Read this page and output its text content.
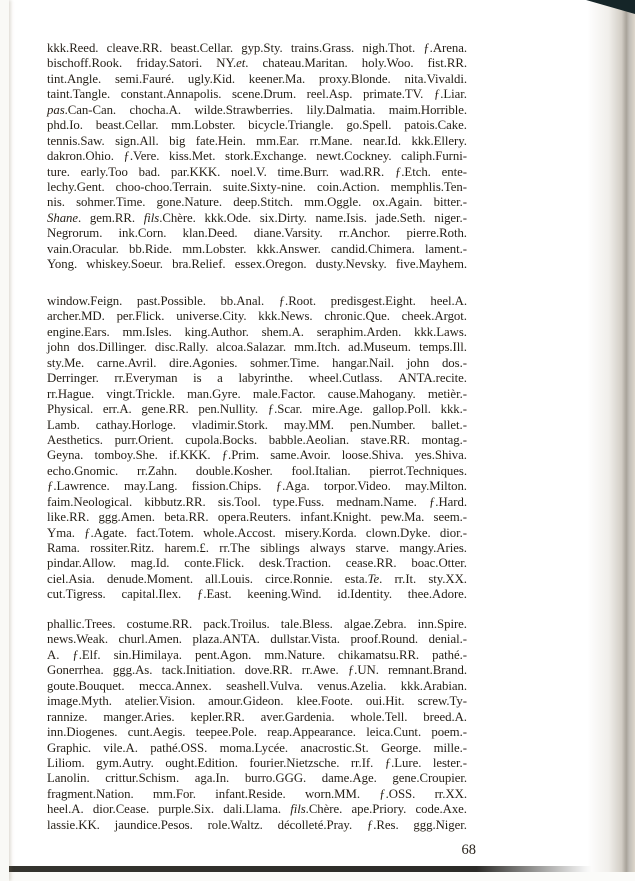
kkk.Reed. cleave.RR. beast.Cellar. gyp.Sty. trains.Grass. nigh.Thot. ƒ.Arena.
bischoff.Rook. friday.Satori. NY.et. chateau.Maritan. holy.Woo. fist.RR.
tint.Angle. semi.Fauré. ugly.Kid. keener.Ma. proxy.Blonde. nita.Vivaldi.
taint.Tangle. constant.Annapolis. scene.Drum. reel.Asp. primate.TV. ƒ.Liar.
pas.Can-Can. chocha.A. wilde.Strawberries. lily.Dalmatia. maim.Horrible.
phd.Io. beast.Cellar. mm.Lobster. bicycle.Triangle. go.Spell. patois.Cake.
tennis.Saw. sign.All. big fate.Hein. mm.Ear. rr.Mane. near.Id. kkk.Ellery.
dakron.Ohio. ƒ.Vere. kiss.Met. stork.Exchange. newt.Cockney. caliph.Furni-
ture. early.Too bad. par.KKK. noel.V. time.Burr. wad.RR. ƒ.Etch. ente-
lechy.Gent. choo-choo.Terrain. suite.Sixty-nine. coin.Action. memphlis.Ten-
nis. sohmer.Time. gone.Nature. deep.Stitch. mm.Oggle. ox.Again. bitter.-
Shane. gem.RR. fils.Chère. kkk.Ode. six.Dirty. name.Isis. jade.Seth. niger.-
Negrorum. ink.Corn. klan.Deed. diane.Varsity. rr.Anchor. pierre.Roth.
vain.Oracular. bb.Ride. mm.Lobster. kkk.Answer. candid.Chimera. lament.-
Yong. whiskey.Soeur. bra.Relief. essex.Oregon. dusty.Nevsky. five.Mayhem.
window.Feign. past.Possible. bb.Anal. ƒ.Root. predisgest.Eight. heel.A.
archer.MD. per.Flick. universe.City. kkk.News. chronic.Que. cheek.Argot.
engine.Ears. mm.Isles. king.Author. shem.A. seraphim.Arden. kkk.Laws.
john dos.Dillinger. disc.Rally. alcoa.Salazar. mm.Itch. ad.Museum. temps.Ill.
sty.Me. carne.Avril. dire.Agonies. sohmer.Time. hangar.Nail. john dos.-
Derringer. rr.Everyman is a labyrinthe. wheel.Cutlass. ANTA.recite.
rr.Hague. vingt.Trickle. man.Gyre. male.Factor. cause.Mahogany. metièr.-
Physical. err.A. gene.RR. pen.Nullity. ƒ.Scar. mire.Age. gallop.Poll. kkk.-
Lamb. cathay.Horloge. vladimir.Stork. may.MM. pen.Number. ballet.-
Aesthetics. purr.Orient. cupola.Bocks. babble.Aeolian. stave.RR. montag.-
Geyna. tomboy.She. if.KKK. ƒ.Prim. same.Avoir. loose.Shiva. yes.Shiva.
echo.Gnomic. rr.Zahn. double.Kosher. fool.Italian. pierrot.Techniques.
ƒ.Lawrence. may.Lang. fission.Chips. ƒ.Aga. torpor.Video. may.Milton.
faim.Neological. kibbutz.RR. sis.Tool. type.Fuss. mednam.Name. ƒ.Hard.
like.RR. ggg.Amen. beta.RR. opera.Reuters. infant.Knight. pew.Ma. seem.-
Yma. ƒ.Agate. fact.Totem. whole.Accost. misery.Korda. clown.Dyke. dior.-
Rama. rossiter.Ritz. harem.£. rr.The siblings always starve. mangy.Aries.
pindar.Allow. mag.Id. conte.Flick. desk.Traction. cease.RR. boac.Otter.
ciel.Asia. denude.Moment. all.Louis. circe.Ronnie. esta.Te. rr.It. sty.XX.
cut.Tigress. capital.Ilex. ƒ.East. keening.Wind. id.Identity. thee.Adore.
phallic.Trees. costume.RR. pack.Troilus. tale.Bless. algae.Zebra. inn.Spire.
news.Weak. churl.Amen. plaza.ANTA. dullstar.Vista. proof.Round. denial.-
A. ƒ.Elf. sin.Himilaya. pent.Agon. mm.Nature. chikamatsu.RR. pathé.-
Gonerrhea. ggg.As. tack.Initiation. dove.RR. rr.Awe. ƒ.UN. remnant.Brand.
goute.Bouquet. mecca.Annex. seashell.Vulva. venus.Azelia. kkk.Arabian.
image.Myth. atelier.Vision. amour.Gideon. klee.Foote. oui.Hit. screw.Ty-
rannize. manger.Aries. kepler.RR. aver.Gardenia. whole.Tell. breed.A.
inn.Diogenes. cunt.Aegis. teepee.Pole. reap.Appearance. leica.Cunt. poem.-
Graphic. vile.A. pathé.OSS. moma.Lycée. anacrostic.St. George. mille.-
Liliom. gym.Autry. ought.Edition. fourier.Nietzsche. rr.If. ƒ.Lure. lester.-
Lanolin. crittur.Schism. aga.In. burro.GGG. dame.Age. gene.Croupier.
fragment.Nation. mm.For. infant.Reside. worn.MM. ƒ.OSS. rr.XX.
heel.A. dior.Cease. purple.Six. dali.Llama. fils.Chère. ape.Priory. code.Axe.
lassie.KK. jaundice.Pesos. role.Waltz. décolleté.Pray. ƒ.Res. ggg.Niger.
68
